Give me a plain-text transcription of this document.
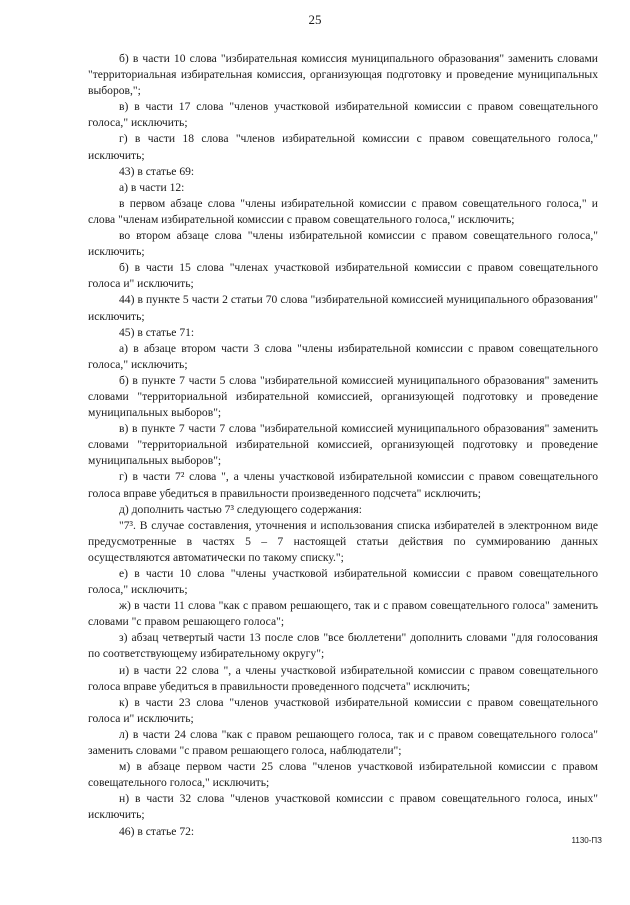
25

б) в части 10 слова "избирательная комиссия муниципального образования" заменить словами "территориальная избирательная комиссия, организующая подготовку и проведение муниципальных выборов,";

в) в части 17 слова "членов участковой избирательной комиссии с правом совещательного голоса," исключить;

г) в части 18 слова "членов избирательной комиссии с правом совещательного голоса," исключить;

43) в статье 69:

а) в части 12:

в первом абзаце слова "члены избирательной комиссии с правом совещательного голоса," и слова "членам избирательной комиссии с правом совещательного голоса," исключить;

во втором абзаце слова "члены избирательной комиссии с правом совещательного голоса," исключить;

б) в части 15 слова "членах участковой избирательной комиссии с правом совещательного голоса и" исключить;

44) в пункте 5 части 2 статьи 70 слова "избирательной комиссией муниципального образования" исключить;

45) в статье 71:

а) в абзаце втором части 3 слова "члены избирательной комиссии с правом совещательного голоса," исключить;

б) в пункте 7 части 5 слова "избирательной комиссией муниципального образования" заменить словами "территориальной избирательной комиссией, организующей подготовку и проведение муниципальных выборов";

в) в пункте 7 части 7 слова "избирательной комиссией муниципального образования" заменить словами "территориальной избирательной комиссией, организующей подготовку и проведение муниципальных выборов";

г) в части 7² слова ", а члены участковой избирательной комиссии с правом совещательного голоса вправе убедиться в правильности произведенного подсчета" исключить;

д) дополнить частью 7³ следующего содержания:

"7³. В случае составления, уточнения и использования списка избирателей в электронном виде предусмотренные в частях 5 – 7 настоящей статьи действия по суммированию данных осуществляются автоматически по такому списку.";

е) в части 10 слова "члены участковой избирательной комиссии с правом совещательного голоса," исключить;

ж) в части 11 слова "как с правом решающего, так и с правом совещательного голоса" заменить словами "с правом решающего голоса";

з) абзац четвертый части 13 после слов "все бюллетени" дополнить словами "для голосования по соответствующему избирательному округу";

и) в части 22 слова ", а члены участковой избирательной комиссии с правом совещательного голоса вправе убедиться в правильности проведенного подсчета" исключить;

к) в части 23 слова "членов участковой избирательной комиссии с правом совещательного голоса и" исключить;

л) в части 24 слова "как с правом решающего голоса, так и с правом совещательного голоса" заменить словами "с правом решающего голоса, наблюдатели";

м) в абзаце первом части 25 слова "членов участковой избирательной комиссии с правом совещательного голоса," исключить;

н) в части 32 слова "членов участковой комиссии с правом совещательного голоса, иных" исключить;

46) в статье 72:

1130-ПЗ
